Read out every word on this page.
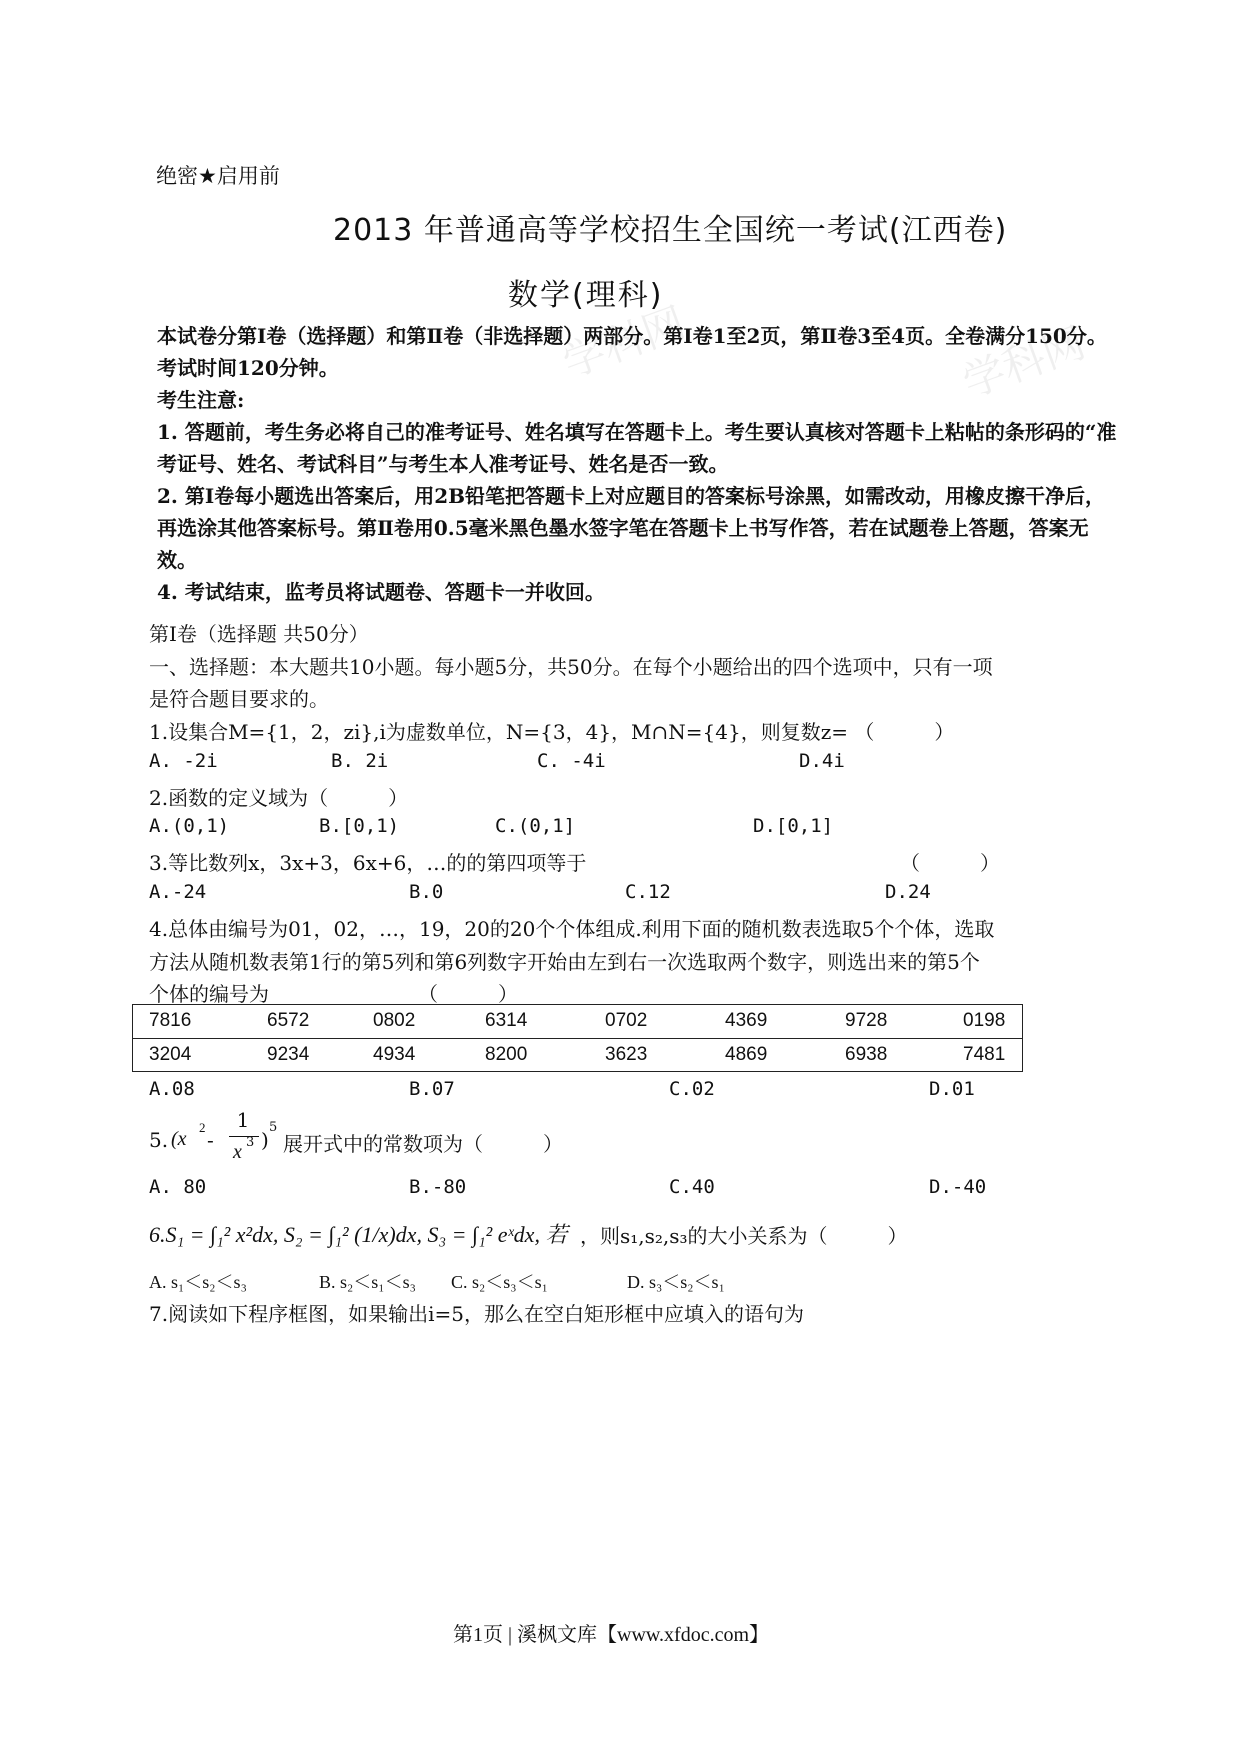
学科网	学科网
绝密★启用前
2013 年普通高等学校招生全国统一考试(江西卷)
数学(理科)

本试卷分第Ⅰ卷（选择题）和第Ⅱ卷（非选择题）两部分。第Ⅰ卷1至2页，第Ⅱ卷3至4页。全卷满分150分。考试时间120分钟。

考生注意:

1. 答题前，考生务必将自己的准考证号、姓名填写在答题卡上。考生要认真核对答题卡上粘帖的条形码的“准考证号、姓名、考试科目”与考生本人准考证号、姓名是否一致。

2. 第Ⅰ卷每小题选出答案后，用2B铅笔把答题卡上对应题目的答案标号涂黑，如需改动，用橡皮擦干净后，再选涂其他答案标号。第Ⅱ卷用0.5毫米黑色墨水签字笔在答题卡上书写作答，若在试题卷上答题，答案无效。

4. 考试结束，监考员将试题卷、答题卡一并收回。

第Ⅰ卷（选择题 共50分）
一、选择题：本大题共10小题。每小题5分，共50分。在每个小题给出的四个选项中，只有一项
是符合题目要求的。
1.设集合M={1，2，zi},i为虚数单位，N={3，4}，M∩N={4}，则复数z= （　　　）
A. -2i	B. 2i	C. -4i	D.4i
2.函数的定义域为（　　　）
A.(0,1)	B.[0,1)	C.(0,1]	D.[0,1]
3.等比数列x，3x+3，6x+6，…的的第四项等于	（　　　）
A.-24	B.0	C.12	D.24
4.总体由编号为01，02，…，19，20的20个个体组成.利用下面的随机数表选取5个个体，选取
方法从随机数表第1行的第5列和第6列数字开始由左到右一次选取两个数字，则选出来的第5个
个体的编号为	（　　　）
7816	6572	0802	6314	0702	4369	9728	0198
3204	9234	4934	8200	3623	4869	6938	7481
A.08	B.07	C.02	D.01
5. (x
2
-
1
x 3 )
5
展开式中的常数项为（　　　）
A. 80	B.-80	C.40	D.-40
6.S₁ = ∫₁² x²dx, S₂ = ∫₁² (1/x)dx, S₃ = ∫₁² eˣdx, 若 ，则s₁,s₂,s₃的大小关系为（　　　）
A. s₁＜s₂＜s₃	B. s₂＜s₁＜s₃ C. s₂＜s₃＜s₁	D. s₃＜s₂＜s₁
7.阅读如下程序框图，如果输出i=5，那么在空白矩形框中应填入的语句为
第1页 | 溪枫文库【www.xfdoc.com】
